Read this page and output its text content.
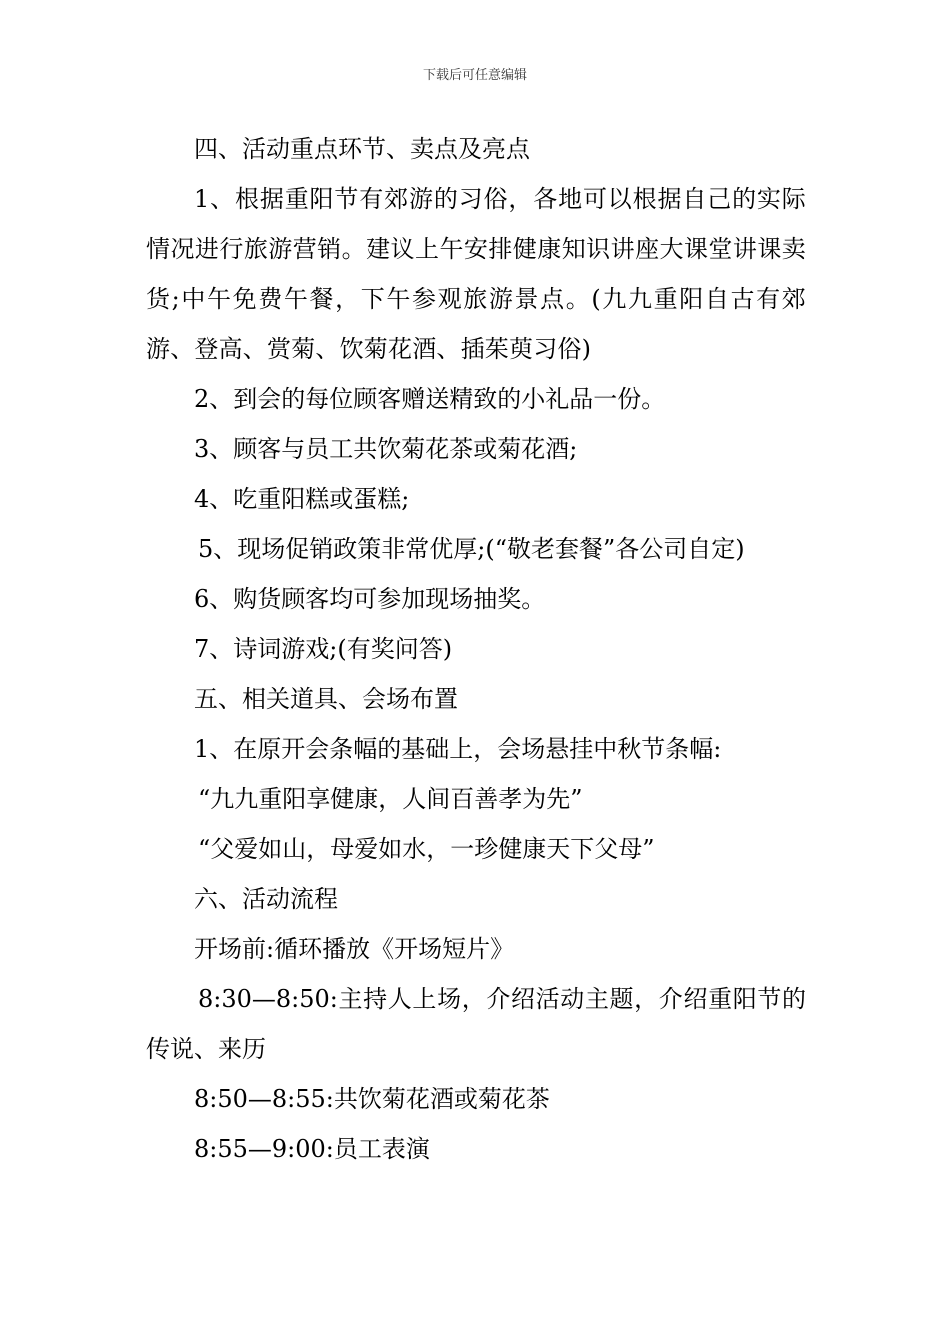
下载后可任意编辑

四、活动重点环节、卖点及亮点

1、根据重阳节有郊游的习俗，各地可以根据自己的实际情况进行旅游营销。建议上午安排健康知识讲座大课堂讲课卖货;中午免费午餐，下午参观旅游景点。(九九重阳自古有郊游、登高、赏菊、饮菊花酒、插茱萸习俗)

2、到会的每位顾客赠送精致的小礼品一份。

3、顾客与员工共饮菊花茶或菊花酒;

4、吃重阳糕或蛋糕;

5、现场促销政策非常优厚;(“敬老套餐”各公司自定)

6、购货顾客均可参加现场抽奖。

7、诗词游戏;(有奖问答)

五、相关道具、会场布置

1、在原开会条幅的基础上，会场悬挂中秋节条幅:

“九九重阳享健康，人间百善孝为先”

“父爱如山，母爱如水，一珍健康天下父母”

六、活动流程

开场前:循环播放《开场短片》

8:30—8:50:主持人上场，介绍活动主题，介绍重阳节的传说、来历

8:50—8:55:共饮菊花酒或菊花茶

8:55—9:00:员工表演
